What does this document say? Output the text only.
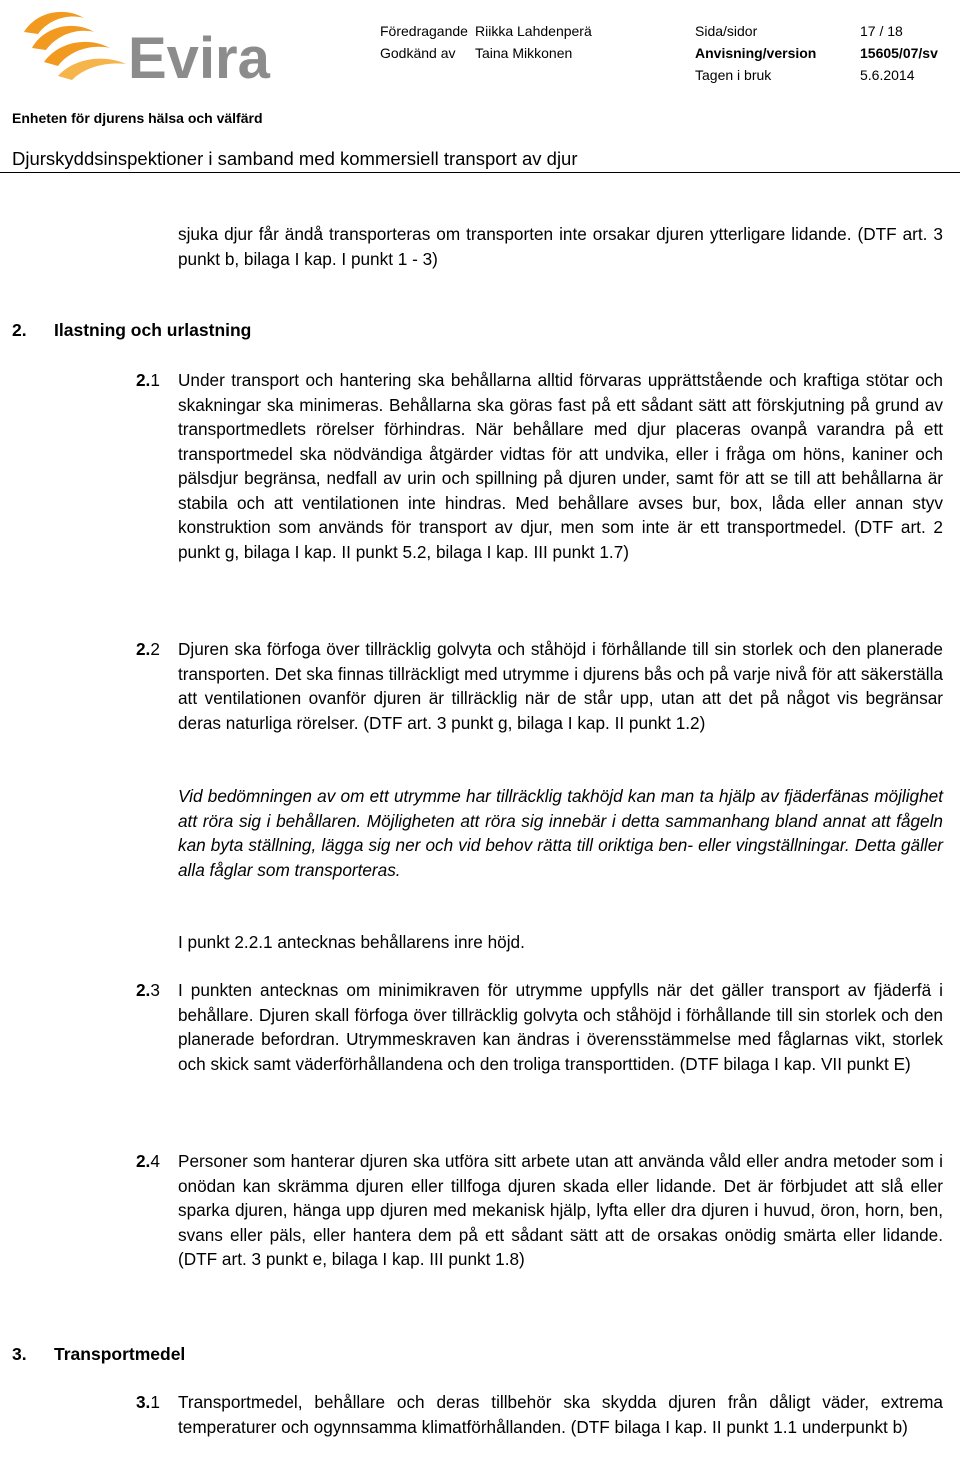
Evira	Föredragande Riikka Lahdenperä	Sida/sidor	17 / 18
Godkänd av Taina Mikkonen	Anvisning/version	15605/07/sv
Tagen i bruk	5.6.2014
Enheten för djurens hälsa och välfärd
Djurskyddsinspektioner i samband med kommersiell transport av djur

sjuka djur får ändå transporteras om transporten inte orsakar djuren ytterligare lidande. (DTF art. 3 punkt b, bilaga I kap. I punkt 1 - 3)

2. Ilastning och urlastning
2.1 Under transport och hantering ska behållarna alltid förvaras upprättstående och kraftiga stötar och skakningar ska minimeras. Behållarna ska göras fast på ett sådant sätt att förskjutning på grund av transportmedlets rörelser förhindras. När behållare med djur placeras ovanpå varandra på ett transportmedel ska nödvändiga åtgärder vidtas för att undvika, eller i fråga om höns, kaniner och pälsdjur begränsa, nedfall av urin och spillning på djuren under, samt för att se till att behållarna är stabila och att ventilationen inte hindras. Med behållare avses bur, box, låda eller annan styv konstruktion som används för transport av djur, men som inte är ett transportmedel. (DTF art. 2 punkt g, bilaga I kap. II punkt 5.2, bilaga I kap. III punkt 1.7)

2.2 Djuren ska förfoga över tillräcklig golvyta och ståhöjd i förhållande till sin storlek och den planerade transporten. Det ska finnas tillräckligt med utrymme i djurens bås och på varje nivå för att säkerställa att ventilationen ovanför djuren är tillräcklig när de står upp, utan att det på något vis begränsar deras naturliga rörelser. (DTF art. 3 punkt g, bilaga I kap. II punkt 1.2)

Vid bedömningen av om ett utrymme har tillräcklig takhöjd kan man ta hjälp av fjäderfänas möjlighet att röra sig i behållaren. Möjligheten att röra sig innebär i detta sammanhang bland annat att fågeln kan byta ställning, lägga sig ner och vid behov rätta till oriktiga ben- eller vingställningar. Detta gäller alla fåglar som transporteras.

I punkt 2.2.1 antecknas behållarens inre höjd.

2.3 I punkten antecknas om minimikraven för utrymme uppfylls när det gäller transport av fjäderfä i behållare. Djuren skall förfoga över tillräcklig golvyta och ståhöjd i förhållande till sin storlek och den planerade befordran. Utrymmeskraven kan ändras i överensstämmelse med fåglarnas vikt, storlek och skick samt väderförhållandena och den troliga transporttiden. (DTF bilaga I kap. VII punkt E)

2.4 Personer som hanterar djuren ska utföra sitt arbete utan att använda våld eller andra metoder som i onödan kan skrämma djuren eller tillfoga djuren skada eller lidande. Det är förbjudet att slå eller sparka djuren, hänga upp djuren med mekanisk hjälp, lyfta eller dra djuren i huvud, öron, horn, ben, svans eller päls, eller hantera dem på ett sådant sätt att de orsakas onödig smärta eller lidande. (DTF art. 3 punkt e, bilaga I kap. III punkt 1.8)

3. Transportmedel
3.1 Transportmedel, behållare och deras tillbehör ska skydda djuren från dåligt väder, extrema temperaturer och ogynnsamma klimatförhållanden. (DTF bilaga I kap. II punkt 1.1 underpunkt b)
